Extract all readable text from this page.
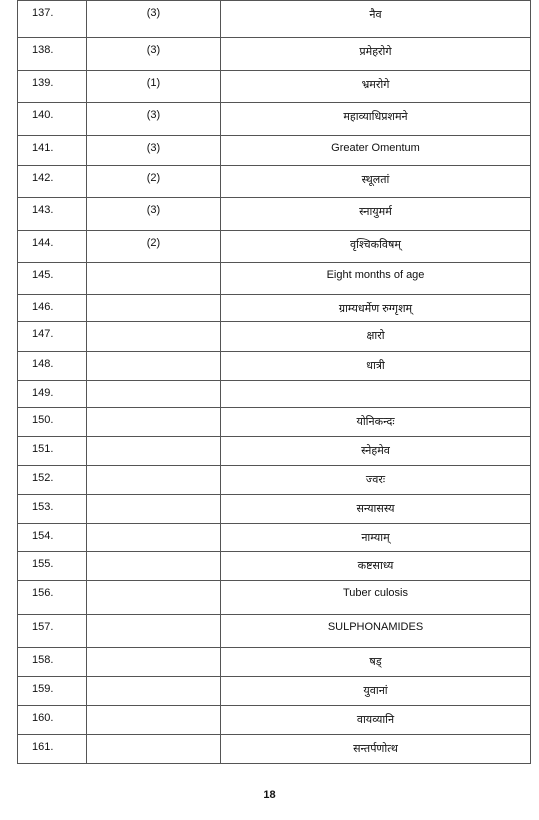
137.	(3)	नैव

138.	(3)	प्रमेहरोगे

139.	(1)	भ्रमरोगे

140.	(3)	महाव्याधिप्रशमने

141.	(3)	Greater Omentum

142.	(2)	स्थूलतां

143.	(3)	स्नायुमर्म

144.	(2)	वृश्चिकविषम्

145.		Eight months of age

146.		ग्राम्यधर्मेण रुग्गृशम्

147.		क्षारो

148.		धात्री

149.		

150.		योनिकन्दः

151.		स्नेहमेव

152.		ज्वरः

153.		सन्यासस्य

154.		नाम्याम्

155.		कष्टसाध्य

156.		Tuber culosis

157.		SULPHONAMIDES

158.		षड्

159.		युवानां

160.		वायव्यानि

161.		सन्तर्पणोत्थ
18
